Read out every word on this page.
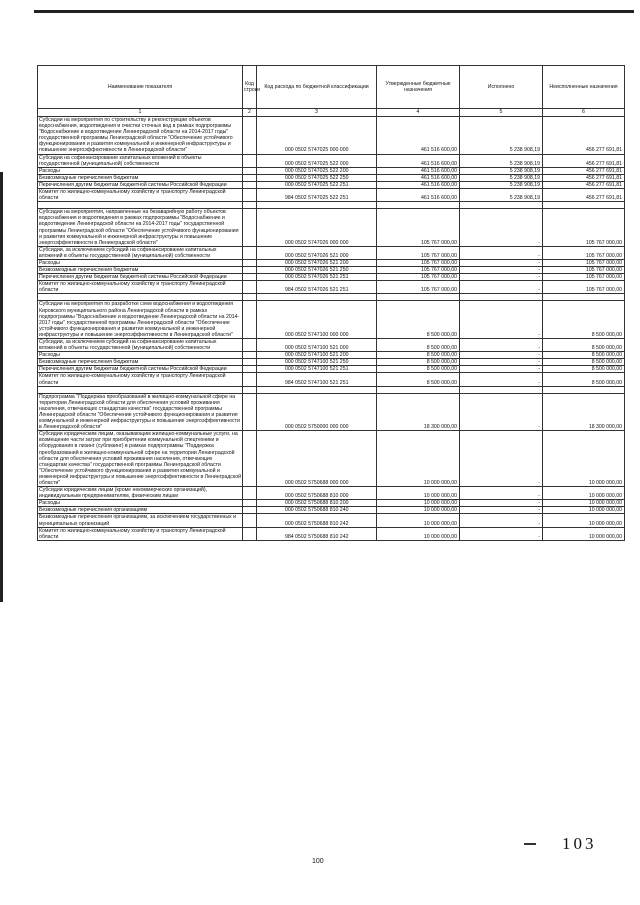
Наименование показателя	Код строки	Код расхода по бюджетной классификации	Утвержденные бюджетные назначения	Исполнено	Неисполненные назначения
1	2	3	4	5	6
Субсидии на мероприятия по строительству и реконструкции объектов водоснабжения, водоотведения и очистки сточных вод в рамках подпрограммы "Водоснабжение и водоотведение Ленинградской области на 2014-2017 годы" государственной программы Ленинградской области "Обеспечение устойчивого функционирования и развития коммунальной и инженерной инфраструктуры и повышение энергоэффективности в Ленинградской области"		000 0502 5747025 000 000	461 516 600,00	5 238 908,19	456 277 691,81
Субсидии на софинансирование капитальных вложений в объекты государственной (муниципальной) собственности		000 0502 5747025 522 000	461 516 600,00	5 238 908,19	456 277 691,81
Расходы		000 0502 5747025 522 200	461 516 600,00	5 238 908,19	456 277 691,81
Безвозмездные перечисления бюджетам		000 0502 5747025 522 250	461 516 600,00	5 238 908,19	456 277 691,81
Перечисления другим бюджетам бюджетной системы Российской Федерации		000 0502 5747025 522 251	461 516 600,00	5 238 908,19	456 277 691,81
Комитет по жилищно-коммунальному хозяйству и транспорту Ленинградской области		984 0502 5747025 522 251	461 516 600,00	5 238 908,19	456 277 691,81

Субсидии на мероприятия, направленные на безаварийную работу объектов водоснабжения и водоотведения в рамках подпрограммы "Водоснабжение и водоотведение Ленинградской области на 2014-2017 годы" государственной программы Ленинградской области "Обеспечение устойчивого функционирования и развития коммунальной и инженерной инфраструктуры и повышение энергоэффективности в Ленинградской области"		000 0502 5747026 000 000	105 767 000,00	-	105 767 000,00
Субсидии, за исключением субсидий на софинансирование капитальных вложений в объекты государственной (муниципальной) собственности		000 0502 5747026 521 000	105 767 000,00	-	105 767 000,00
Расходы		000 0502 5747026 521 200	105 767 000,00	-	105 767 000,00
Безвозмездные перечисления бюджетам		000 0502 5747026 521 250	105 767 000,00	-	105 767 000,00
Перечисления другим бюджетам бюджетной системы Российской Федерации		000 0502 5747026 521 251	105 767 000,00	-	105 767 000,00
Комитет по жилищно-коммунальному хозяйству и транспорту Ленинградской области		984 0502 5747026 521 251	105 767 000,00	-	105 767 000,00

Субсидии на мероприятия по разработке схем водоснабжения и водоотведения Кировского муниципального района Ленинградской области в рамках подпрограммы "Водоснабжение и водоотведение Ленинградской области на 2014-2017 годы" государственной программы Ленинградской области "Обеспечение устойчивого функционирования и развития коммунальной и инженерной инфраструктуры и повышение энергоэффективности в Ленинградской области"		000 0502 5747100 000 000	8 500 000,00	-	8 500 000,00
Субсидии, за исключением субсидий на софинансирование капитальных вложений в объекты государственной (муниципальной) собственности		000 0502 5747100 521 000	8 500 000,00	-	8 500 000,00
Расходы		000 0502 5747100 521 200	8 500 000,00	-	8 500 000,00
Безвозмездные перечисления бюджетам		000 0502 5747100 521 250	8 500 000,00	-	8 500 000,00
Перечисления другим бюджетам бюджетной системы Российской Федерации		000 0502 5747100 521 251	8 500 000,00	-	8 500 000,00
Комитет по жилищно-коммунальному хозяйству и транспорту Ленинградской области		984 0502 5747100 521 251	8 500 000,00	-	8 500 000,00

Подпрограмма "Поддержка преобразований в жилищно-коммунальной сфере на территории Ленинградской области для обеспечения условий проживания населения, отвечающих стандартам качества" государственной программы Ленинградской области "Обеспечение устойчивого функционирования и развития коммунальной и инженерной инфраструктуры и повышение энергоэффективности в Ленинградской области"		000 0502 5750000 000 000	18 300 000,00	-	18 300 000,00
Субсидии юридическим лицам, оказывающим жилищно-коммунальные услуги, на возмещение части затрат при приобретении коммунальной спецтехники и оборудования в лизинг (сублизинг) в рамках подпрограммы "Поддержка преобразований в жилищно-коммунальной сфере на территории Ленинградской области для обеспечения условий проживания населения, отвечающих стандартам качества" государственной программы Ленинградской области "Обеспечение устойчивого функционирования и развития коммунальной и инженерной инфраструктуры и повышение энергоэффективности в Ленинградской области"		000 0502 5750688 000 000	10 000 000,00	-	10 000 000,00
Субсидии юридическим лицам (кроме некоммерческих организаций), индивидуальным предпринимателям, физическим лицам		000 0502 5750688 810 000	10 000 000,00	-	10 000 000,00
Расходы		000 0502 5750688 810 200	10 000 000,00	-	10 000 000,00
Безвозмездные перечисления организациям		000 0502 5750688 810 240	10 000 000,00	-	10 000 000,00
Безвозмездные перечисления организациям, за исключением государственных и муниципальных организаций		000 0502 5750688 810 242	10 000 000,00	-	10 000 000,00
Комитет по жилищно-коммунальному хозяйству и транспорту Ленинградской области		984 0502 5750688 810 242	10 000 000,00	-	10 000 000,00
103
100
